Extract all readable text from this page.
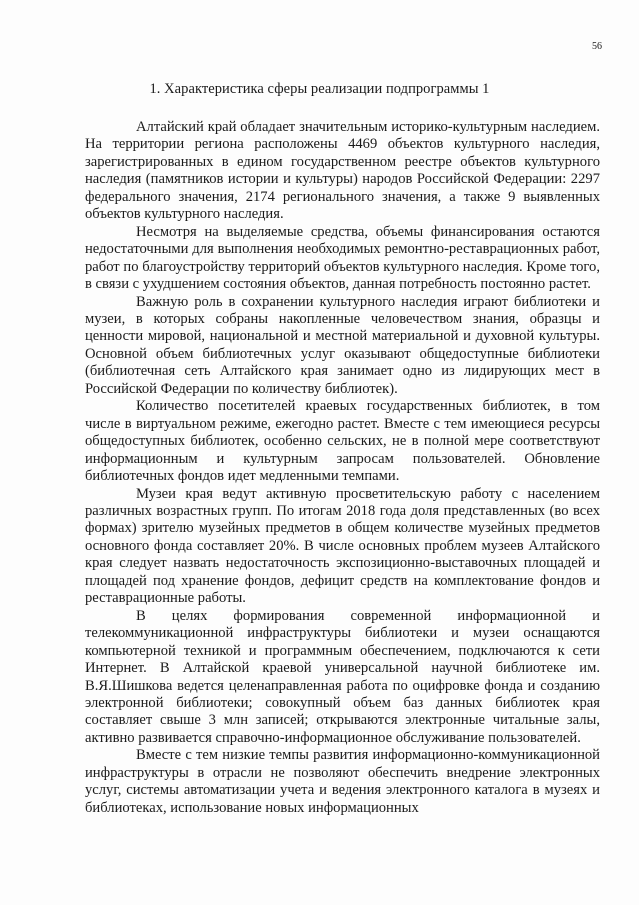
56
1. Характеристика сферы реализации подпрограммы 1

Алтайский край обладает значительным историко-культурным наследием. На территории региона расположены 4469 объектов культурного наследия, зарегистрированных в едином государственном реестре объектов культурного наследия (памятников истории и культуры) народов Российской Федерации: 2297 федерального значения, 2174 регионального значения, а также 9 выявленных объектов культурного наследия.

Несмотря на выделяемые средства, объемы финансирования остаются недостаточными для выполнения необходимых ремонтно-реставрационных работ, работ по благоустройству территорий объектов культурного наследия. Кроме того, в связи с ухудшением состояния объектов, данная потребность постоянно растет.

Важную роль в сохранении культурного наследия играют библиотеки и музеи, в которых собраны накопленные человечеством знания, образцы и ценности мировой, национальной и местной материальной и духовной культуры. Основной объем библиотечных услуг оказывают общедоступные библиотеки (библиотечная сеть Алтайского края занимает одно из лидирующих мест в Российской Федерации по количеству библиотек).

Количество посетителей краевых государственных библиотек, в том числе в виртуальном режиме, ежегодно растет. Вместе с тем имеющиеся ресурсы общедоступных библиотек, особенно сельских, не в полной мере соответствуют информационным и культурным запросам пользователей. Обновление библиотечных фондов идет медленными темпами.

Музеи края ведут активную просветительскую работу с населением различных возрастных групп. По итогам 2018 года доля представленных (во всех формах) зрителю музейных предметов в общем количестве музейных предметов основного фонда составляет 20%. В числе основных проблем музеев Алтайского края следует назвать недостаточность экспозиционно-выставочных площадей и площадей под хранение фондов, дефицит средств на комплектование фондов и реставрационные работы.

В целях формирования современной информационной и телекоммуникационной инфраструктуры библиотеки и музеи оснащаются компьютерной техникой и программным обеспечением, подключаются к сети Интернет. В Алтайской краевой универсальной научной библиотеке им. В.Я.Шишкова ведется целенаправленная работа по оцифровке фонда и созданию электронной библиотеки; совокупный объем баз данных библиотек края составляет свыше 3 млн записей; открываются электронные читальные залы, активно развивается справочно-информационное обслуживание пользователей.

Вместе с тем низкие темпы развития информационно-коммуникационной инфраструктуры в отрасли не позволяют обеспечить внедрение электронных услуг, системы автоматизации учета и ведения электронного каталога в музеях и библиотеках, использование новых информационных
